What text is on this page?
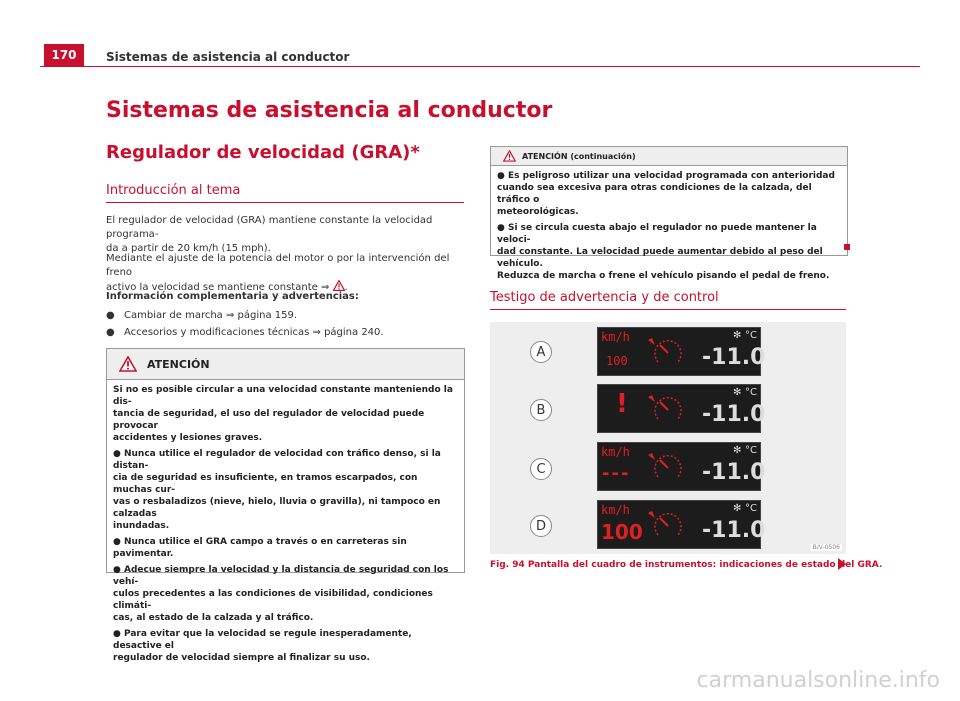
170	Sistemas de asistencia al conductor
Sistemas de asistencia al conductor
Regulador de velocidad (GRA)*
Introducción al tema
El regulador de velocidad (GRA) mantiene constante la velocidad programa-
da a partir de 20 km/h (15 mph).
Mediante el ajuste de la potencia del motor o por la intervención del freno
activo la velocidad se mantiene constante ⇒ .
Información complementaria y advertencias:
● Cambiar de marcha ⇒ página 159.
● Accesorios y modificaciones técnicas ⇒ página 240.
ATENCIÓN
Si no es posible circular a una velocidad constante manteniendo la dis-
tancia de seguridad, el uso del regulador de velocidad puede provocar
accidentes y lesiones graves.
● Nunca utilice el regulador de velocidad con tráfico denso, si la distan-
cia de seguridad es insuficiente, en tramos escarpados, con muchas cur-
vas o resbaladizos (nieve, hielo, lluvia o gravilla), ni tampoco en calzadas
inundadas.
● Nunca utilice el GRA campo a través o en carreteras sin pavimentar.
● Adecue siempre la velocidad y la distancia de seguridad con los vehí-
culos precedentes a las condiciones de visibilidad, condiciones climáti-
cas, al estado de la calzada y al tráfico.
● Para evitar que la velocidad se regule inesperadamente, desactive el
regulador de velocidad siempre al finalizar su uso.
ATENCIÓN (continuación)
● Es peligroso utilizar una velocidad programada con anterioridad
cuando sea excesiva para otras condiciones de la calzada, del tráfico o
meteorológicas.
● Si se circula cuesta abajo el regulador no puede mantener la veloci-
dad constante. La velocidad puede aumentar debido al peso del vehículo.
Reduzca de marcha o frene el vehículo pisando el pedal de freno.
Testigo de advertencia y de control
A
km/h
100
✻ °C
-11.0
B	!	✻ °C
-11.0
C
km/h
---
✻ °C
-11.0
D
km/h
100
✻ °C
-11.0
B/V-0506
Fig. 94 Pantalla del cuadro de instrumentos: indicaciones de estado del GRA.
carmanualsonline.info
